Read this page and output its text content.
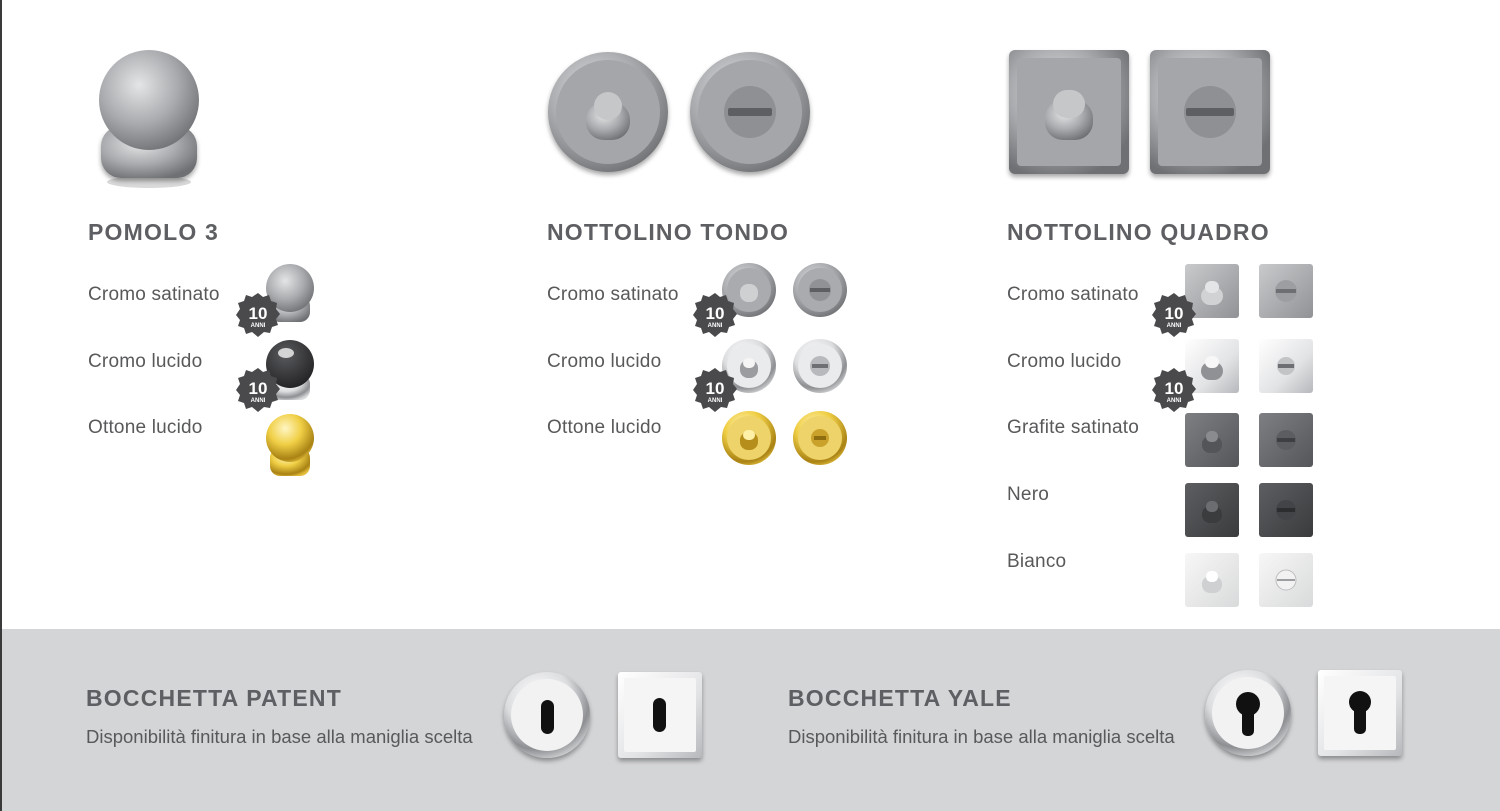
POMOLO 3
Cromo satinato
Cromo lucido
Ottone lucido
10
ANNI
10
ANNI
NOTTOLINO TONDO
Cromo satinato
Cromo lucido
Ottone lucido
10
ANNI
10
ANNI
NOTTOLINO QUADRO
Cromo satinato
Cromo lucido
Grafite satinato
Nero
Bianco
10
ANNI
10
ANNI
BOCCHETTA PATENT
Disponibilità finitura in base alla maniglia scelta
BOCCHETTA YALE
Disponibilità finitura in base alla maniglia scelta
